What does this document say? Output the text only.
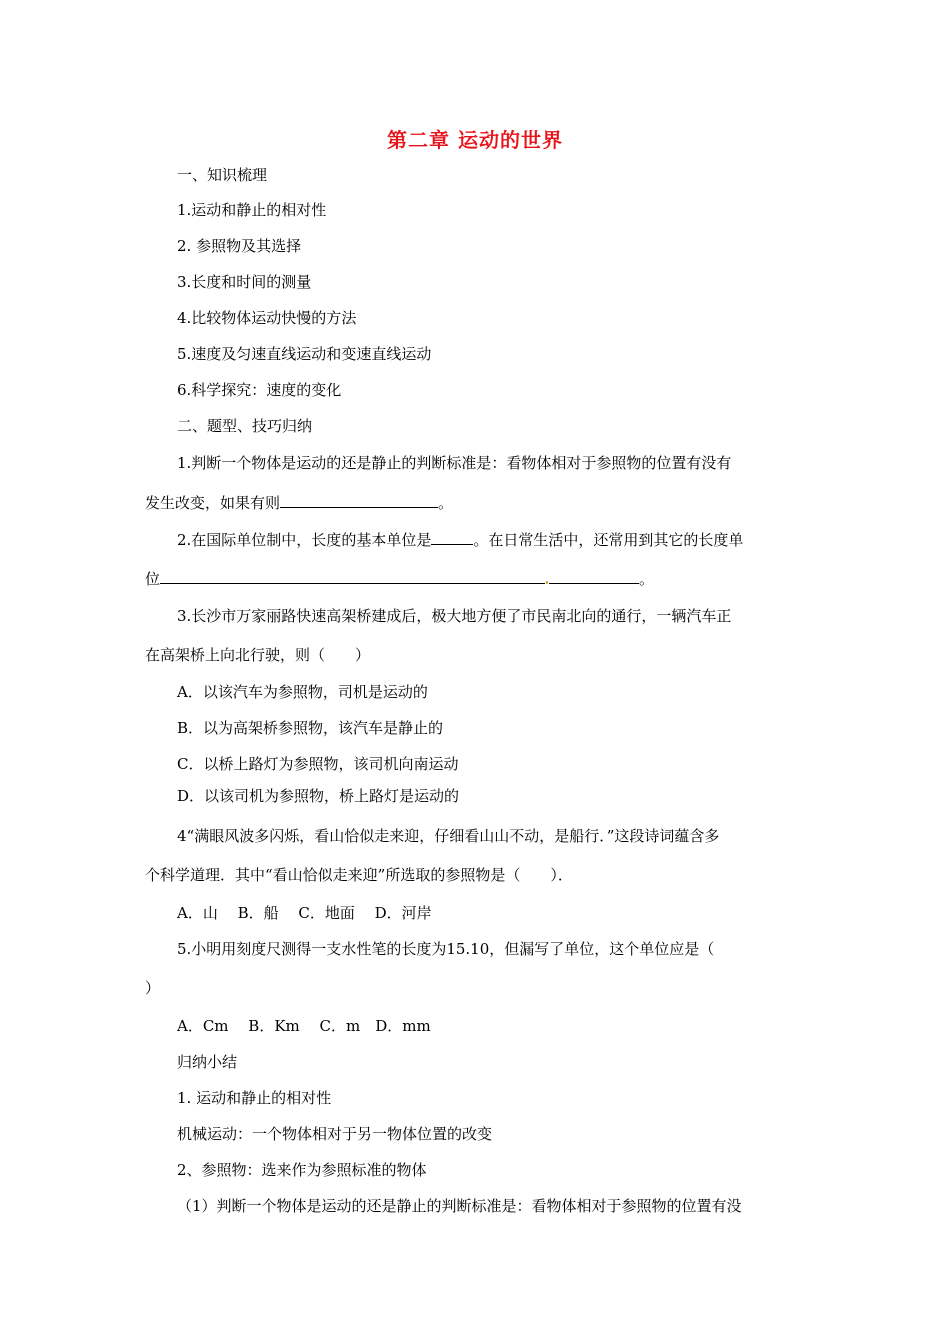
第二章 运动的世界
一、知识梳理
1.运动和静止的相对性
2. 参照物及其选择
3.长度和时间的测量
4.比较物体运动快慢的方法
5.速度及匀速直线运动和变速直线运动
6.科学探究：速度的变化
二、题型、技巧归纳
1.判断一个物体是运动的还是静止的判断标准是：看物体相对于参照物的位置有没有
发生改变，如果有则	。
2.在国际单位制中，长度的基本单位是	。在日常生活中，还常用到其它的长度单
位	。
3.长沙市万家丽路快速高架桥建成后，极大地方便了市民南北向的通行，一辆汽车正
在高架桥上向北行驶，则（　　）
A．以该汽车为参照物，司机是运动的
B．以为高架桥参照物，该汽车是静止的
C．以桥上路灯为参照物，该司机向南运动
D．以该司机为参照物，桥上路灯是运动的
4“满眼风波多闪烁，看山恰似走来迎，仔细看山山不动，是船行．”这段诗词蕴含多
个科学道理．其中“看山恰似走来迎”所选取的参照物是（　　）．
A．山　 B．船　 C．地面　 D．河岸
5.小明用刻度尺测得一支水性笔的长度为15.10，但漏写了单位，这个单位应是（
）
A．Cm　 B．Km　 C．m　D．mm
归纳小结
1. 运动和静止的相对性
机械运动：一个物体相对于另一物体位置的改变
2、参照物：选来作为参照标准的物体
（1）判断一个物体是运动的还是静止的判断标准是：看物体相对于参照物的位置有没
